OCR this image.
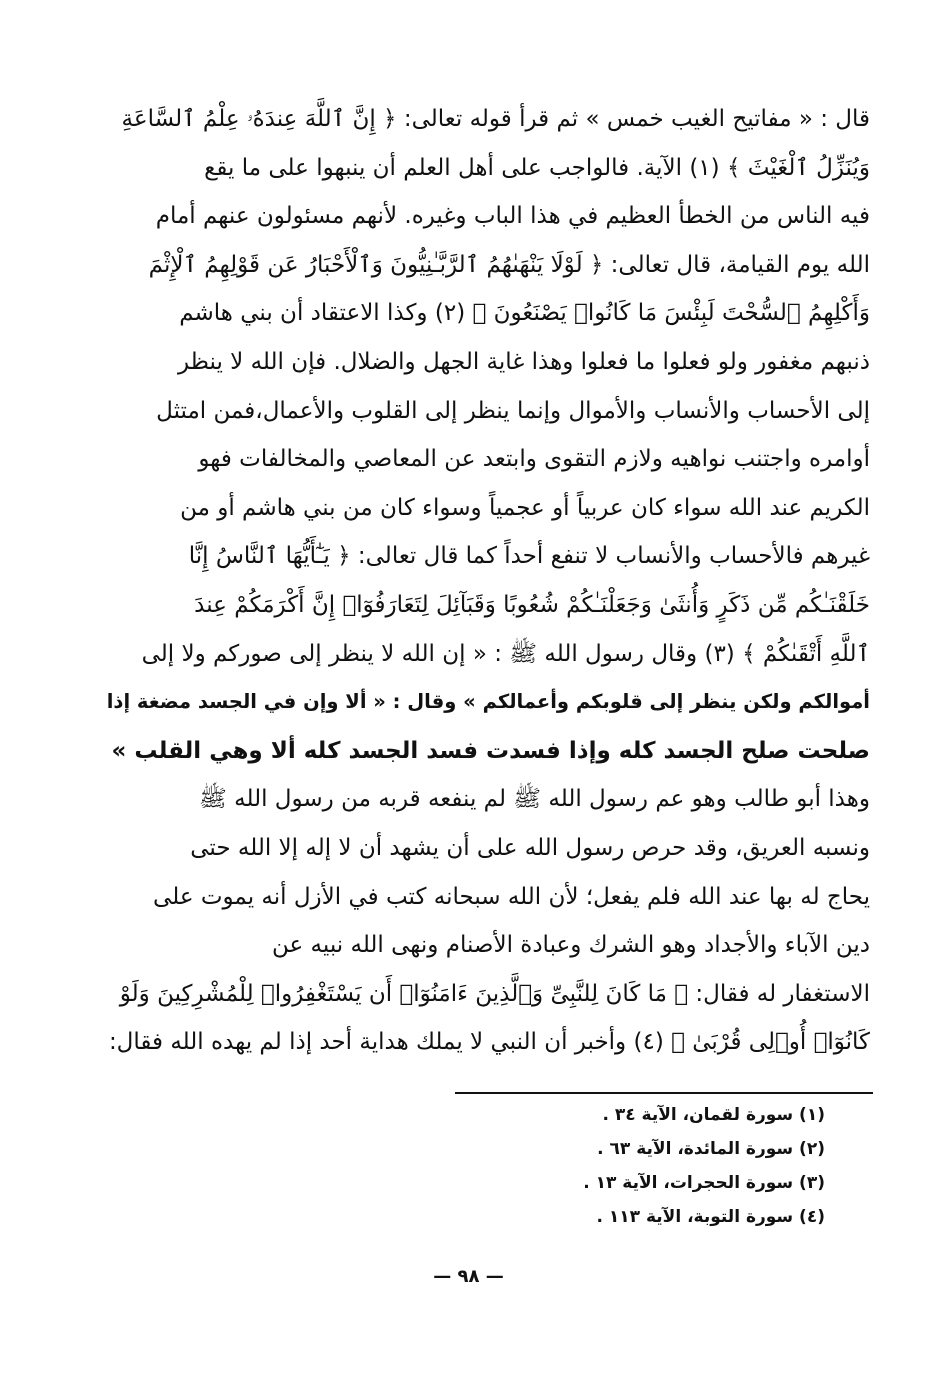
قال : « مفاتيح الغيب خمس » ثم قرأ قوله تعالى: ﴿ إِنَّ ٱللَّهَ عِندَهُۥ عِلْمُ ٱلسَّاعَةِ
وَيُنَزِّلُ ٱلْغَيْثَ ﴾ (١) الآية. فالواجب على أهل العلم أن ينبهوا على ما يقع
فيه الناس من الخطأ العظيم في هذا الباب وغيره. لأنهم مسئولون عنهم أمام
الله يوم القيامة، قال تعالى: ﴿ لَوْلَا يَنْهَىٰهُمُ ٱلرَّبَّـٰنِيُّونَ وَٱلْأَحْبَارُ عَن قَوْلِهِمُ ٱلْإِثْمَ
وَأَكْلِهِمُ ٱلسُّحْتَ لَبِئْسَ مَا كَانُوا۟ يَصْنَعُونَ ﴾ (٢) وكذا الاعتقاد أن بني هاشم
ذنبهم مغفور ولو فعلوا ما فعلوا وهذا غاية الجهل والضلال. فإن الله لا ينظر
إلى الأحساب والأنساب والأموال وإنما ينظر إلى القلوب والأعمال،فمن امتثل
أوامره واجتنب نواهيه ولازم التقوى وابتعد عن المعاصي والمخالفات فهو
الكريم عند الله سواء كان عربياً أو عجمياً وسواء كان من بني هاشم أو من
غيرهم فالأحساب والأنساب لا تنفع أحداً كما قال تعالى: ﴿ يَـٰٓأَيُّهَا ٱلنَّاسُ إِنَّا
خَلَقْنَـٰكُم مِّن ذَكَرٍ وَأُنثَىٰ وَجَعَلْنَـٰكُمْ شُعُوبًا وَقَبَآئِلَ لِتَعَارَفُوٓا۟ إِنَّ أَكْرَمَكُمْ عِندَ
ٱللَّهِ أَتْقَىٰكُمْ ﴾ (٣) وقال رسول الله ﷺ : « إن الله لا ينظر إلى صوركم ولا إلى
أموالكم ولكن ينظر إلى قلوبكم وأعمالكم » وقال : « ألا وإن في الجسد مضغة إذا
صلحت صلح الجسد كله وإذا فسدت فسد الجسد كله ألا وهي القلب »
وهذا أبو طالب وهو عم رسول الله ﷺ لم ينفعه قربه من رسول الله ﷺ
ونسبه العريق، وقد حرص رسول الله على أن يشهد أن لا إله إلا الله حتى
يحاج له بها عند الله فلم يفعل؛ لأن الله سبحانه كتب في الأزل أنه يموت على
دين الآباء والأجداد وهو الشرك وعبادة الأصنام ونهى الله نبيه عن
الاستغفار له فقال: ﴿ مَا كَانَ لِلنَّبِىِّ وَٱلَّذِينَ ءَامَنُوٓا۟ أَن يَسْتَغْفِرُوا۟ لِلْمُشْرِكِينَ وَلَوْ
كَانُوٓا۟ أُو۟لِى قُرْبَىٰ ﴾ (٤) وأخبر أن النبي لا يملك هداية أحد إذا لم يهده الله فقال:
(١) سورة لقمان، الآية ٣٤ .
(٢) سورة المائدة، الآية ٦٣ .
(٣) سورة الحجرات، الآية ١٣ .
(٤) سورة التوبة، الآية ١١٣ .
— ٩٨ —
